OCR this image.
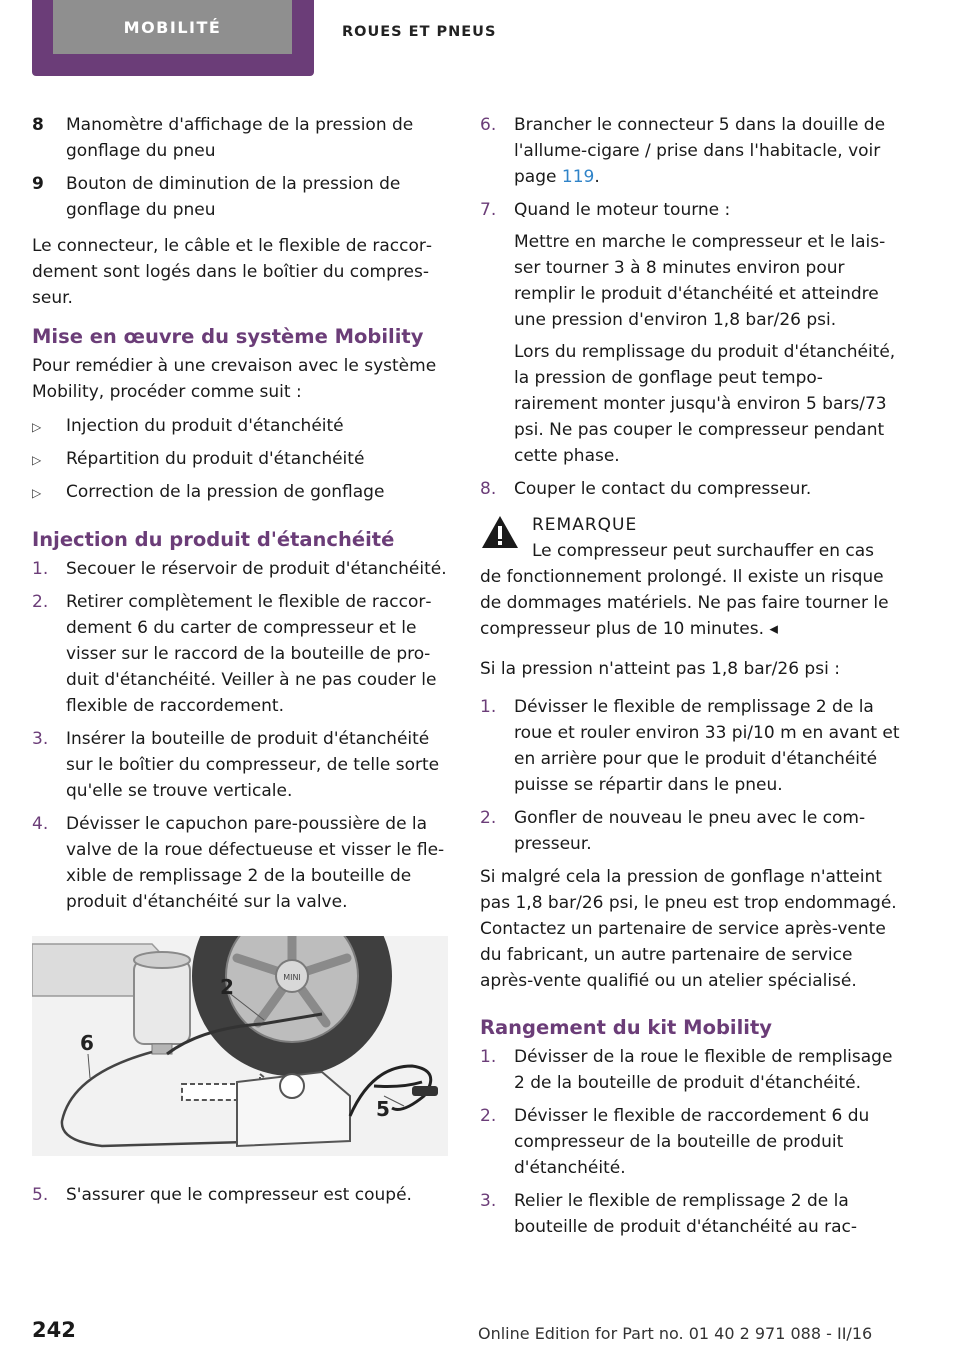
MOBILITÉ	ROUES ET PNEUS
8	Manomètre d'affichage de la pression de gonflage du pneu
9	Bouton de diminution de la pression de gonflage du pneu

Le connecteur, le câble et le flexible de raccordement sont logés dans le boîtier du compresseur.

Mise en œuvre du système Mobility

Pour remédier à une crevaison avec le système Mobility, procéder comme suit :

▷	Injection du produit d'étanchéité
▷	Répartition du produit d'étanchéité
▷	Correction de la pression de gonflage
Injection du produit d'étanchéité
1.	Secouer le réservoir de produit d'étanchéité.
2.	Retirer complètement le flexible de raccordement 6 du carter de compresseur et le visser sur le raccord de la bouteille de produit d'étanchéité. Veiller à ne pas couder le flexible de raccordement.
3.	Insérer la bouteille de produit d'étanchéité sur le boîtier du compresseur, de telle sorte qu'elle se trouve verticale.
4.	Dévisser le capuchon pare-poussière de la valve de la roue défectueuse et visser le flexible de remplissage 2 de la bouteille de produit d'étanchéité sur la valve.
MINI
2
6
5
5.	S'assurer que le compresseur est coupé.
6.	Brancher le connecteur 5 dans la douille de l'allume-cigare / prise dans l'habitacle, voir page 119.
7.	Quand le moteur tourne :
Mettre en marche le compresseur et le laisser tourner 3 à 8 minutes environ pour remplir le produit d'étanchéité et atteindre une pression d'environ 1,8 bar/26 psi.
Lors du remplissage du produit d'étanchéité, la pression de gonflage peut temporairement monter jusqu'à environ 5 bars/73 psi. Ne pas couper le compresseur pendant cette phase.
8.	Couper le contact du compresseur.
REMARQUE
Le compresseur peut surchauffer en cas
de fonctionnement prolongé. Il existe un risque de dommages matériels. Ne pas faire tourner le compresseur plus de 10 minutes. ◂

Si la pression n'atteint pas 1,8 bar/26 psi :

1.	Dévisser le flexible de remplissage 2 de la roue et rouler environ 33 pi/10 m en avant et en arrière pour que le produit d'étanchéité puisse se répartir dans le pneu.
2.	Gonfler de nouveau le pneu avec le compresseur.

Si malgré cela la pression de gonflage n'atteint pas 1,8 bar/26 psi, le pneu est trop endommagé. Contactez un partenaire de service après-vente du fabricant, un autre partenaire de service après-vente qualifié ou un atelier spécialisé.

Rangement du kit Mobility
1.	Dévisser de la roue le flexible de remplisage 2 de la bouteille de produit d'étanchéité.
2.	Dévisser le flexible de raccordement 6 du compresseur de la bouteille de produit d'étanchéité.
3.	Relier le flexible de remplissage 2 de la bouteille de produit d'étanchéité au rac-
242	Online Edition for Part no. 01 40 2 971 088 - II/16
